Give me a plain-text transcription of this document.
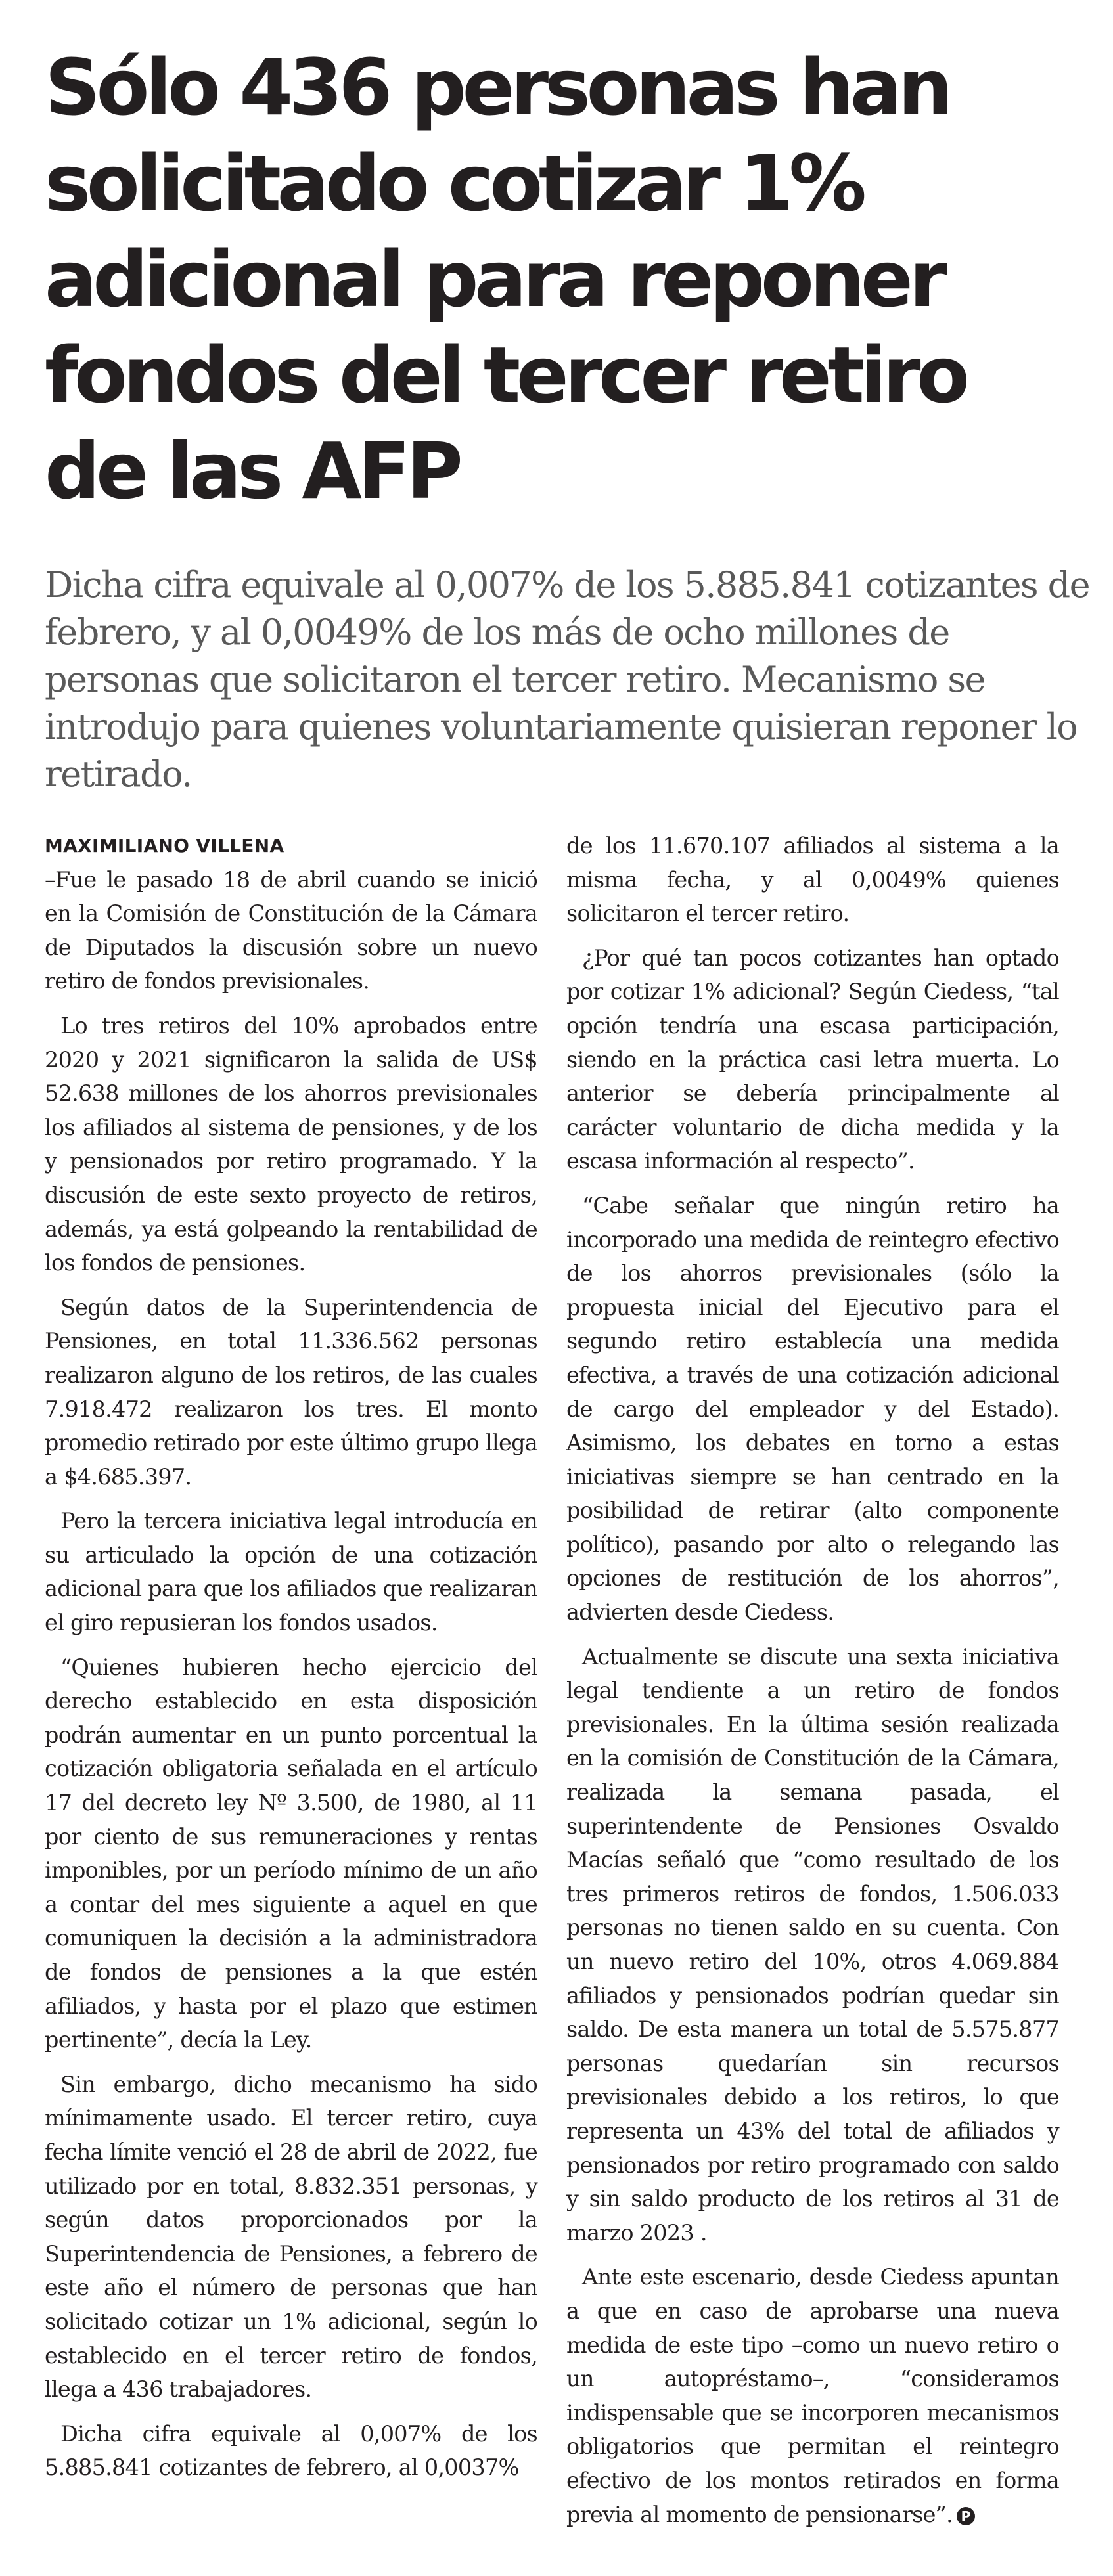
Sólo 436 personas han solicitado cotizar 1% adicional para reponer fondos del tercer retiro de las AFP

Dicha cifra equivale al 0,007% de los 5.885.841 cotizantes de febrero, y al 0,0049% de los más de ocho millones de personas que solicitaron el tercer retiro. Mecanismo se introdujo para quienes voluntariamente quisieran reponer lo retirado.

MAXIMILIANO VILLENA

–Fue le pasado 18 de abril cuando se inició en la Comisión de Constitución de la Cámara de Diputados la discusión sobre un nuevo retiro de fondos previsionales.

Lo tres retiros del 10% aprobados entre 2020 y 2021 significaron la salida de US$ 52.638 millones de los ahorros previsionales los afiliados al sistema de pensiones, y de los y pensionados por retiro programado. Y la discusión de este sexto proyecto de retiros, además, ya está golpeando la rentabilidad de los fondos de pensiones.

Según datos de la Superintendencia de Pensiones, en total 11.336.562 personas realizaron alguno de los retiros, de las cuales 7.918.472 realizaron los tres. El monto promedio retirado por este último grupo llega a $4.685.397.

Pero la tercera iniciativa legal introducía en su articulado la opción de una cotización adicional para que los afiliados que realizaran el giro repusieran los fondos usados.

“Quienes hubieren hecho ejercicio del derecho establecido en esta disposición podrán aumentar en un punto porcentual la cotización obligatoria señalada en el artículo 17 del decreto ley Nº 3.500, de 1980, al 11 por ciento de sus remuneraciones y rentas imponibles, por un período mínimo de un año a contar del mes siguiente a aquel en que comuniquen la decisión a la administradora de fondos de pensiones a la que estén afiliados, y hasta por el plazo que estimen pertinente”, decía la Ley.

Sin embargo, dicho mecanismo ha sido mínimamente usado. El tercer retiro, cuya fecha límite venció el 28 de abril de 2022, fue utilizado por en total, 8.832.351 personas, y según datos proporcionados por la Superintendencia de Pensiones, a febrero de este año el número de personas que han solicitado cotizar un 1% adicional, según lo establecido en el tercer retiro de fondos, llega a 436 trabajadores.

Dicha cifra equivale al 0,007% de los 5.885.841 cotizantes de febrero, al 0,0037%

de los 11.670.107 afiliados al sistema a la misma fecha, y al 0,0049% quienes solicitaron el tercer retiro.

¿Por qué tan pocos cotizantes han optado por cotizar 1% adicional? Según Ciedess, “tal opción tendría una escasa participación, siendo en la práctica casi letra muerta. Lo anterior se debería principalmente al carácter voluntario de dicha medida y la escasa información al respecto”.

“Cabe señalar que ningún retiro ha incorporado una medida de reintegro efectivo de los ahorros previsionales (sólo la propuesta inicial del Ejecutivo para el segundo retiro establecía una medida efectiva, a través de una cotización adicional de cargo del empleador y del Estado). Asimismo, los debates en torno a estas iniciativas siempre se han centrado en la posibilidad de retirar (alto componente político), pasando por alto o relegando las opciones de restitución de los ahorros”, advierten desde Ciedess.

Actualmente se discute una sexta iniciativa legal tendiente a un retiro de fondos previsionales. En la última sesión realizada en la comisión de Constitución de la Cámara, realizada la semana pasada, el superintendente de Pensiones Osvaldo Macías señaló que “como resultado de los tres primeros retiros de fondos, 1.506.033 personas no tienen saldo en su cuenta. Con un nuevo retiro del 10%, otros 4.069.884 afiliados y pensionados podrían quedar sin saldo. De esta manera un total de 5.575.877 personas quedarían sin recursos previsionales debido a los retiros, lo que representa un 43% del total de afiliados y pensionados por retiro programado con saldo y sin saldo producto de los retiros al 31 de marzo 2023 .

Ante este escenario, desde Ciedess apuntan a que en caso de aprobarse una nueva medida de este tipo –como un nuevo retiro o un autopréstamo–, “consideramos indispensable que se incorporen mecanismos obligatorios que permitan el reintegro efectivo de los montos retirados en forma previa al momento de pensionarse”. P
